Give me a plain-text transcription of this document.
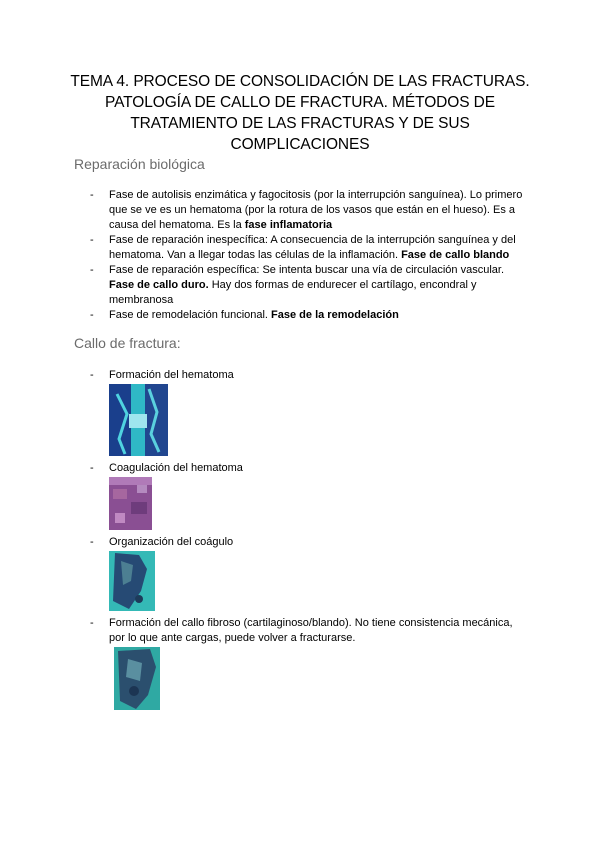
TEMA 4. PROCESO DE CONSOLIDACIÓN DE LAS FRACTURAS.
PATOLOGÍA DE CALLO DE FRACTURA. MÉTODOS DE
TRATAMIENTO DE LAS FRACTURAS Y DE SUS
COMPLICACIONES
Reparación biológica
- Fase de autolisis enzimática y fagocitosis (por la interrupción sanguínea). Lo primero
que se ve es un hematoma (por la rotura de los vasos que están en el hueso). Es a
causa del hematoma. Es la fase inflamatoria
- Fase de reparación inespecífica: A consecuencia de la interrupción sanguínea y del
hematoma. Van a llegar todas las células de la inflamación. Fase de callo blando
- Fase de reparación específica: Se intenta buscar una vía de circulación vascular.
Fase de callo duro. Hay dos formas de endurecer el cartílago, encondral y
membranosa
- Fase de remodelación funcional. Fase de la remodelación
Callo de fractura:
- Formación del hematoma
- Coagulación del hematoma
- Organización del coágulo
- Formación del callo fibroso (cartilaginoso/blando). No tiene consistencia mecánica,
por lo que ante cargas, puede volver a fracturarse.
